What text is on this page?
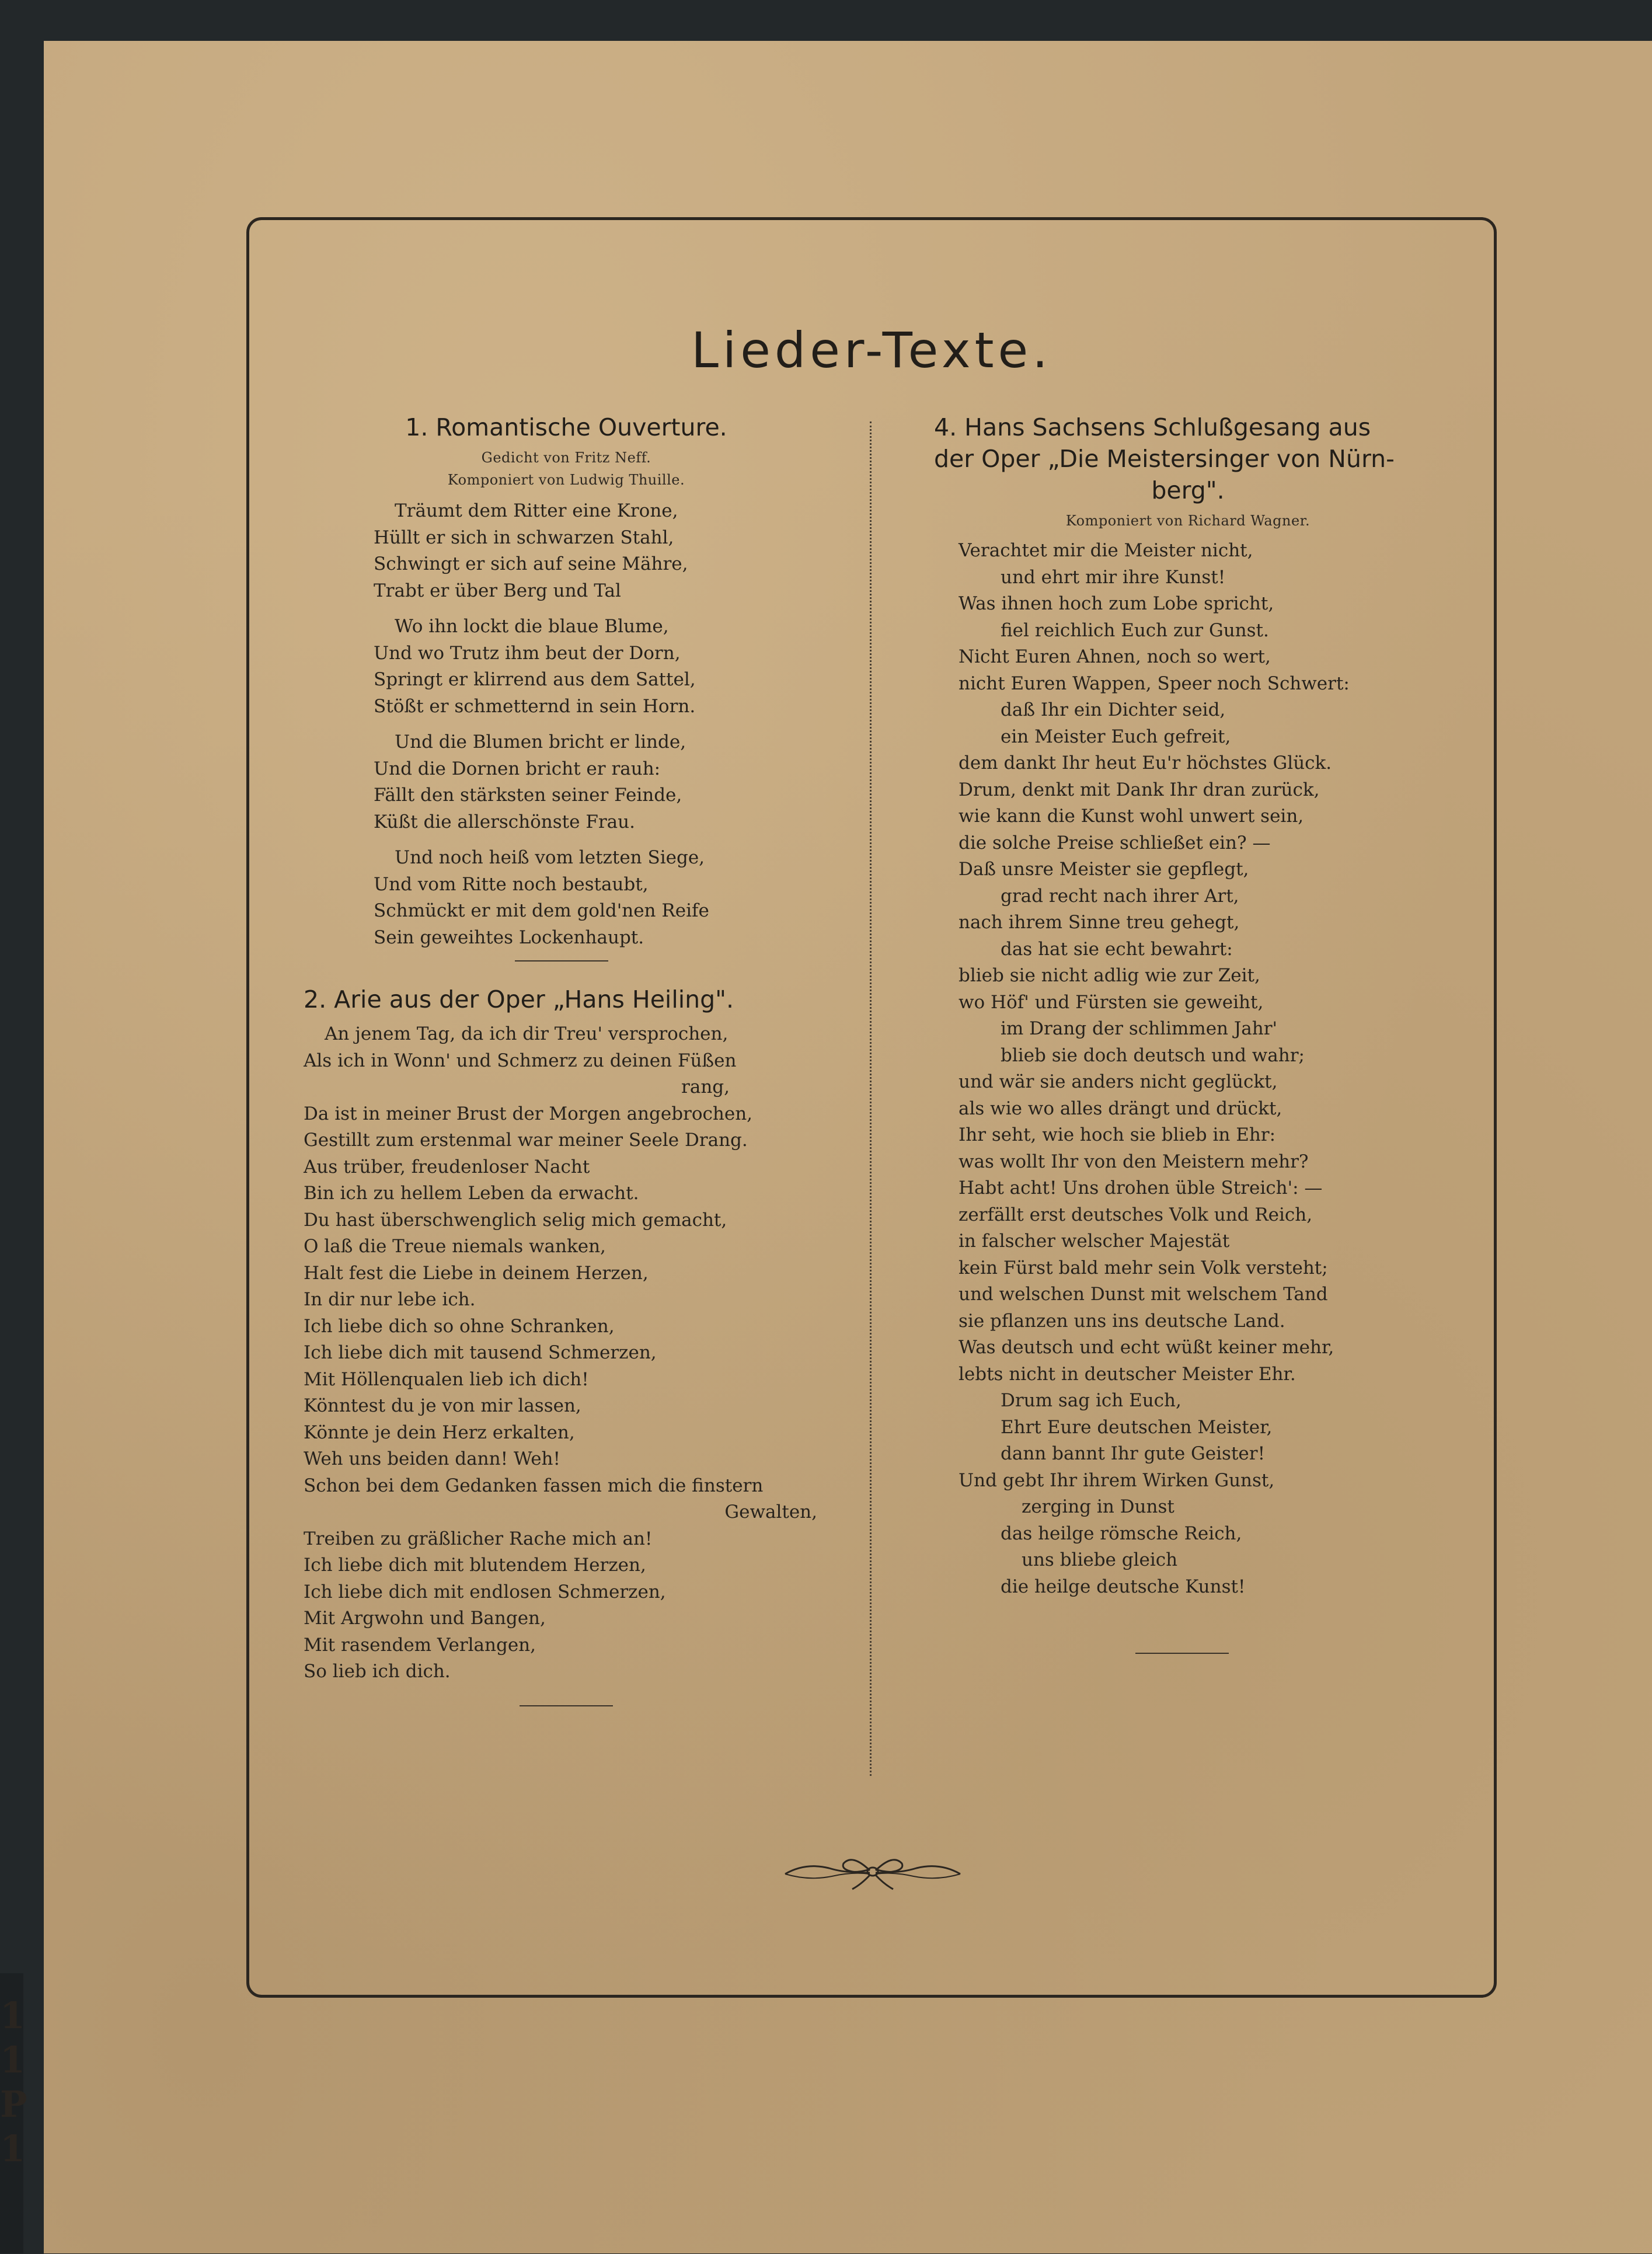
1
1
P
1
Lieder-Texte.
1. Romantische Ouverture.
Gedicht von Fritz Neff.
Komponiert von Ludwig Thuille.
Träumt dem Ritter eine Krone,
Hüllt er sich in schwarzen Stahl,
Schwingt er sich auf seine Mähre,
Trabt er über Berg und Tal
Wo ihn lockt die blaue Blume,
Und wo Trutz ihm beut der Dorn,
Springt er klirrend aus dem Sattel,
Stößt er schmetternd in sein Horn.
Und die Blumen bricht er linde,
Und die Dornen bricht er rauh:
Fällt den stärksten seiner Feinde,
Küßt die allerschönste Frau.
Und noch heiß vom letzten Siege,
Und vom Ritte noch bestaubt,
Schmückt er mit dem gold'nen Reife
Sein geweihtes Lockenhaupt.
2. Arie aus der Oper „Hans Heiling".
An jenem Tag, da ich dir Treu' versprochen,
Als ich in Wonn' und Schmerz zu deinen Füßen
rang,
Da ist in meiner Brust der Morgen angebrochen,
Gestillt zum erstenmal war meiner Seele Drang.
Aus trüber, freudenloser Nacht
Bin ich zu hellem Leben da erwacht.
Du hast überschwenglich selig mich gemacht,
O laß die Treue niemals wanken,
Halt fest die Liebe in deinem Herzen,
In dir nur lebe ich.
Ich liebe dich so ohne Schranken,
Ich liebe dich mit tausend Schmerzen,
Mit Höllenqualen lieb ich dich!
Könntest du je von mir lassen,
Könnte je dein Herz erkalten,
Weh uns beiden dann! Weh!
Schon bei dem Gedanken fassen mich die finstern
Gewalten,
Treiben zu gräßlicher Rache mich an!
Ich liebe dich mit blutendem Herzen,
Ich liebe dich mit endlosen Schmerzen,
Mit Argwohn und Bangen,
Mit rasendem Verlangen,
So lieb ich dich.
4. Hans Sachsens Schlußgesang aus
der Oper „Die Meistersinger von Nürn-
berg".
Komponiert von Richard Wagner.
Verachtet mir die Meister nicht,
und ehrt mir ihre Kunst!
Was ihnen hoch zum Lobe spricht,
fiel reichlich Euch zur Gunst.
Nicht Euren Ahnen, noch so wert,
nicht Euren Wappen, Speer noch Schwert:
daß Ihr ein Dichter seid,
ein Meister Euch gefreit,
dem dankt Ihr heut Eu'r höchstes Glück.
Drum, denkt mit Dank Ihr dran zurück,
wie kann die Kunst wohl unwert sein,
die solche Preise schließet ein? —
Daß unsre Meister sie gepflegt,
grad recht nach ihrer Art,
nach ihrem Sinne treu gehegt,
das hat sie echt bewahrt:
blieb sie nicht adlig wie zur Zeit,
wo Höf' und Fürsten sie geweiht,
im Drang der schlimmen Jahr'
blieb sie doch deutsch und wahr;
und wär sie anders nicht geglückt,
als wie wo alles drängt und drückt,
Ihr seht, wie hoch sie blieb in Ehr:
was wollt Ihr von den Meistern mehr?
Habt acht! Uns drohen üble Streich': —
zerfällt erst deutsches Volk und Reich,
in falscher welscher Majestät
kein Fürst bald mehr sein Volk versteht;
und welschen Dunst mit welschem Tand
sie pflanzen uns ins deutsche Land.
Was deutsch und echt wüßt keiner mehr,
lebts nicht in deutscher Meister Ehr.
Drum sag ich Euch,
Ehrt Eure deutschen Meister,
dann bannt Ihr gute Geister!
Und gebt Ihr ihrem Wirken Gunst,
zerging in Dunst
das heilge römsche Reich,
uns bliebe gleich
die heilge deutsche Kunst!
